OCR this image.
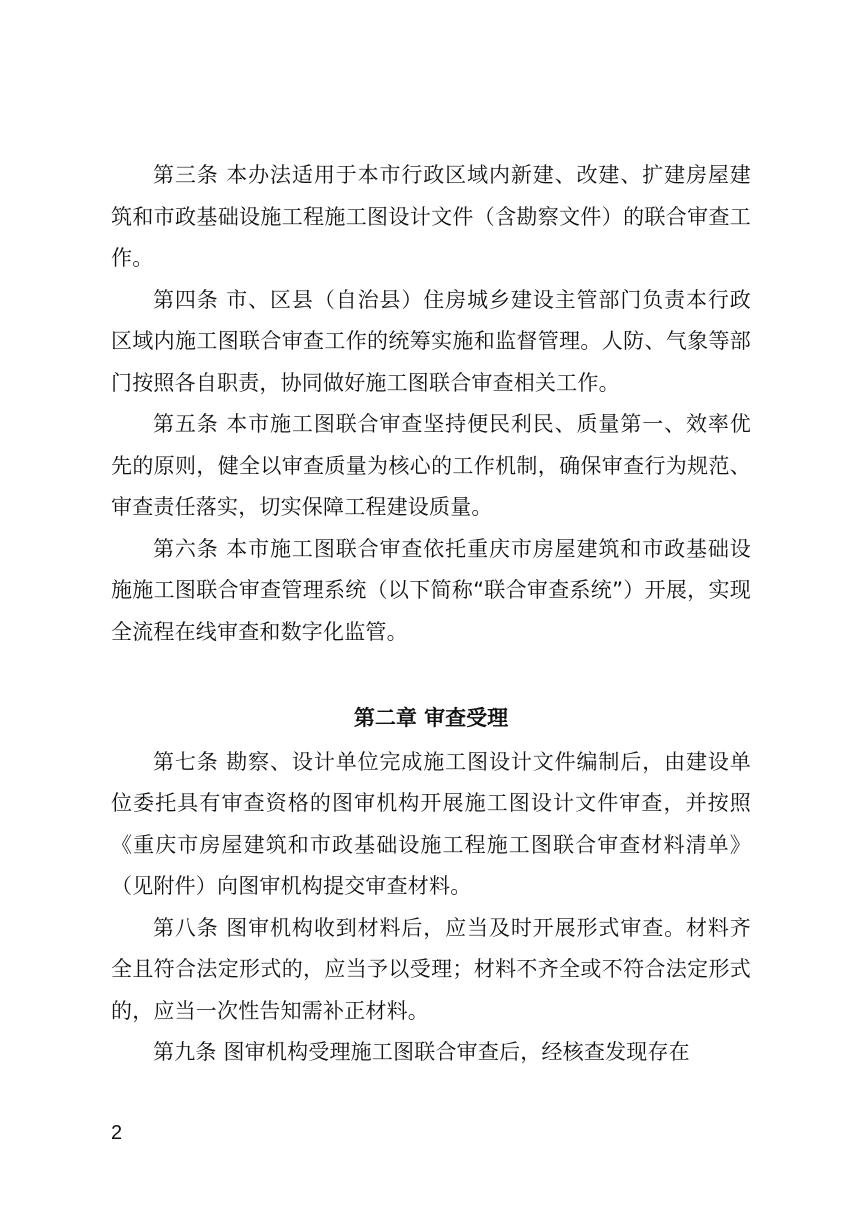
第三条 本办法适用于本市行政区域内新建、改建、扩建房屋建筑和市政基础设施工程施工图设计文件（含勘察文件）的联合审查工作。

第四条 市、区县（自治县）住房城乡建设主管部门负责本行政区域内施工图联合审查工作的统筹实施和监督管理。人防、气象等部门按照各自职责，协同做好施工图联合审查相关工作。

第五条 本市施工图联合审查坚持便民利民、质量第一、效率优先的原则，健全以审查质量为核心的工作机制，确保审查行为规范、审查责任落实，切实保障工程建设质量。

第六条 本市施工图联合审查依托重庆市房屋建筑和市政基础设施施工图联合审查管理系统（以下简称“联合审查系统”）开展，实现全流程在线审查和数字化监管。

第二章 审查受理

第七条 勘察、设计单位完成施工图设计文件编制后，由建设单位委托具有审查资格的图审机构开展施工图设计文件审查，并按照《重庆市房屋建筑和市政基础设施工程施工图联合审查材料清单》（见附件）向图审机构提交审查材料。

第八条 图审机构收到材料后，应当及时开展形式审查。材料齐全且符合法定形式的，应当予以受理；材料不齐全或不符合法定形式的，应当一次性告知需补正材料。

第九条 图审机构受理施工图联合审查后，经核查发现存在

2
